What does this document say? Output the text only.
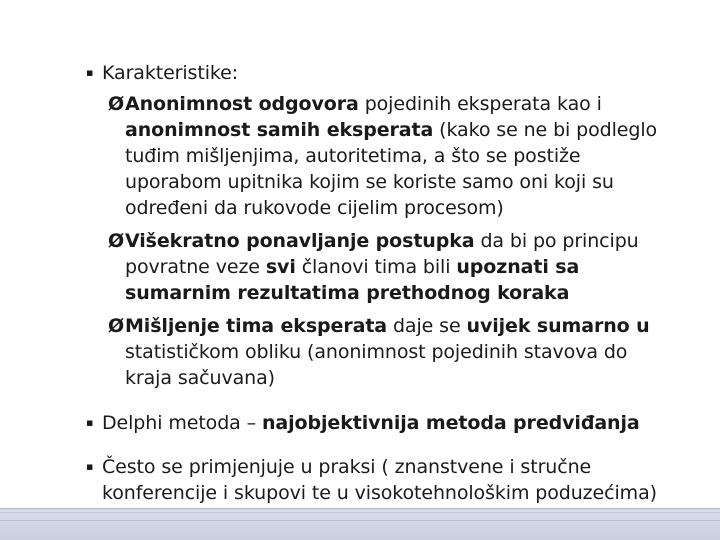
▪ Karakteristike:
Ø Anonimnost odgovora pojedinih eksperata kao i anonimnost samih eksperata (kako se ne bi podleglo tuđim mišljenjima, autoritetima, a što se postiže uporabom upitnika kojim se koriste samo oni koji su određeni da rukovode cijelim procesom)
Ø Višekratno ponavljanje postupka da bi po principu povratne veze svi članovi tima bili upoznati sa sumarnim rezultatima prethodnog koraka
Ø Mišljenje tima eksperata daje se uvijek sumarno u statističkom obliku (anonimnost pojedinih stavova do kraja sačuvana)
▪ Delphi metoda – najobjektivnija metoda predviđanja
▪ Često se primjenjuje u praksi ( znanstvene i stručne konferencije i skupovi te u visokotehnološkim poduzećima)
